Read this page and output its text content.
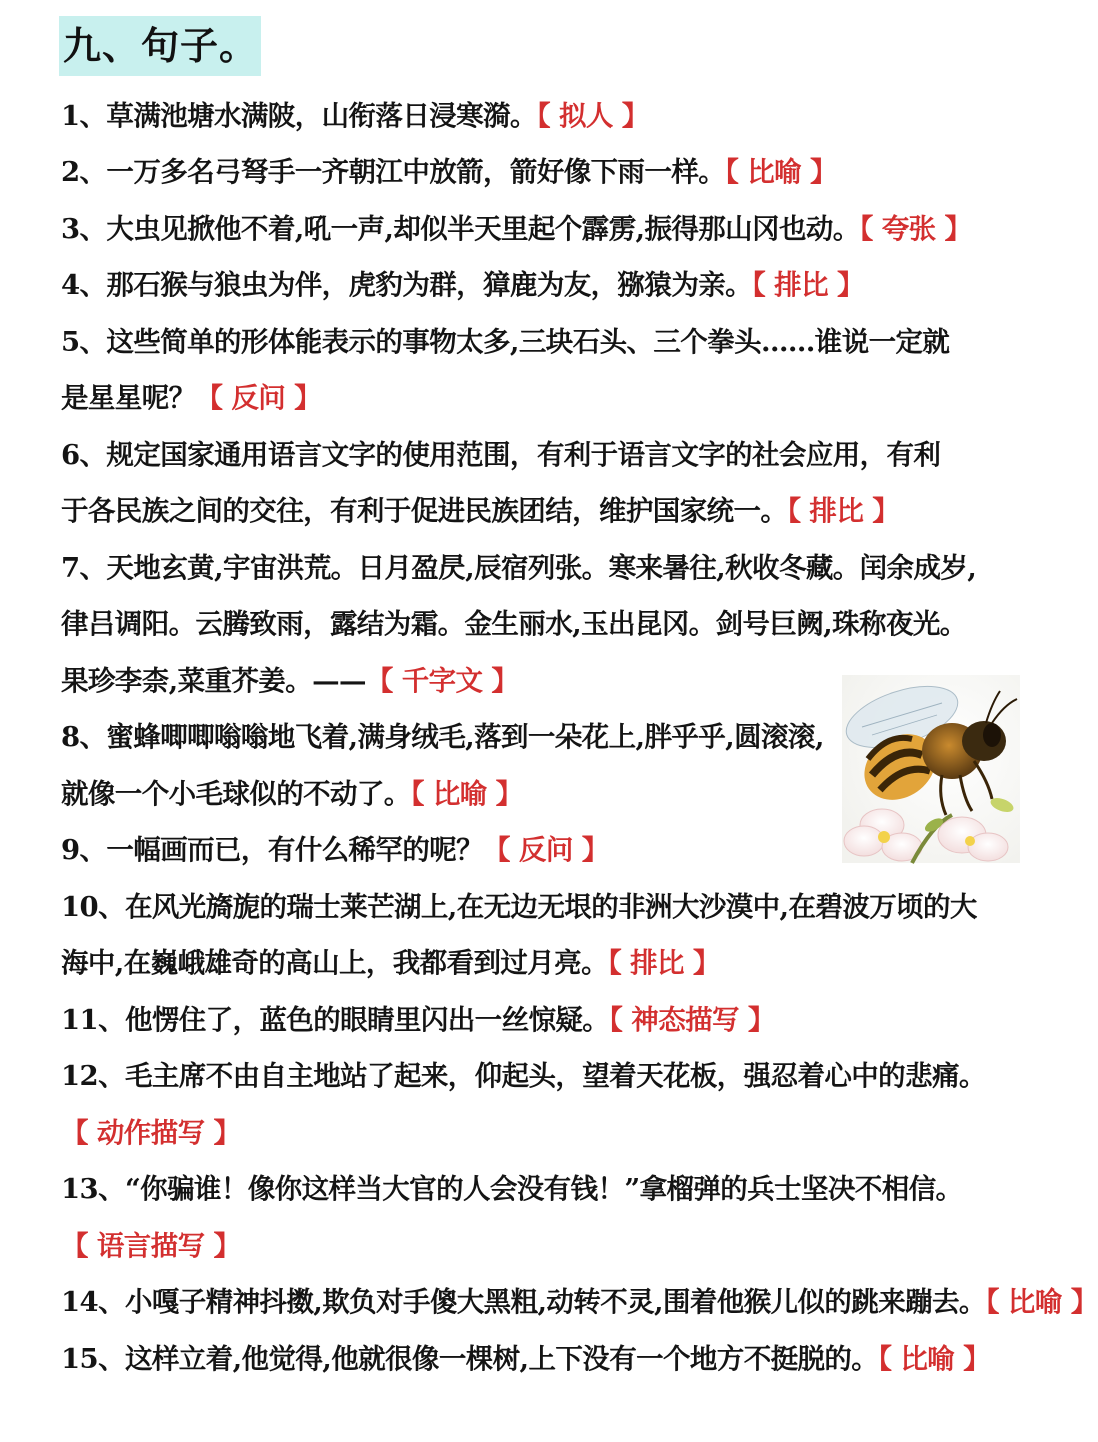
九、句子。
1、草满池塘水满陂，山衔落日浸寒漪。【 拟人 】
2、一万多名弓弩手一齐朝江中放箭，箭好像下雨一样。【 比喻 】
3、大虫见掀他不着,吼一声,却似半天里起个霹雳,振得那山冈也动。【 夸张 】
4、那石猴与狼虫为伴，虎豹为群，獐鹿为友，猕猿为亲。【 排比 】
5、这些简单的形体能表示的事物太多,三块石头、三个拳头……谁说一定就
是星星呢？【 反问 】
6、规定国家通用语言文字的使用范围，有利于语言文字的社会应用，有利
于各民族之间的交往，有利于促进民族团结，维护国家统一。【 排比 】
7、天地玄黄,宇宙洪荒。日月盈昃,辰宿列张。寒来暑往,秋收冬藏。闰余成岁,
律吕调阳。云腾致雨，露结为霜。金生丽水,玉出昆冈。剑号巨阙,珠称夜光。
果珍李柰,菜重芥姜。——【 千字文 】
8、蜜蜂唧唧嗡嗡地飞着,满身绒毛,落到一朵花上,胖乎乎,圆滚滚,
就像一个小毛球似的不动了。【 比喻 】
9、一幅画而已，有什么稀罕的呢？【 反问 】
10、在风光旖旎的瑞士莱芒湖上,在无边无垠的非洲大沙漠中,在碧波万顷的大
海中,在巍峨雄奇的高山上，我都看到过月亮。【 排比 】
11、他愣住了，蓝色的眼睛里闪出一丝惊疑。【 神态描写 】
12、毛主席不由自主地站了起来，仰起头，望着天花板，强忍着心中的悲痛。
【 动作描写 】
13、“你骗谁！像你这样当大官的人会没有钱！”拿榴弹的兵士坚决不相信。
【 语言描写 】
14、小嘎子精神抖擞,欺负对手傻大黑粗,动转不灵,围着他猴儿似的跳来蹦去。【 比喻 】
15、这样立着,他觉得,他就很像一棵树,上下没有一个地方不挺脱的。【 比喻 】
